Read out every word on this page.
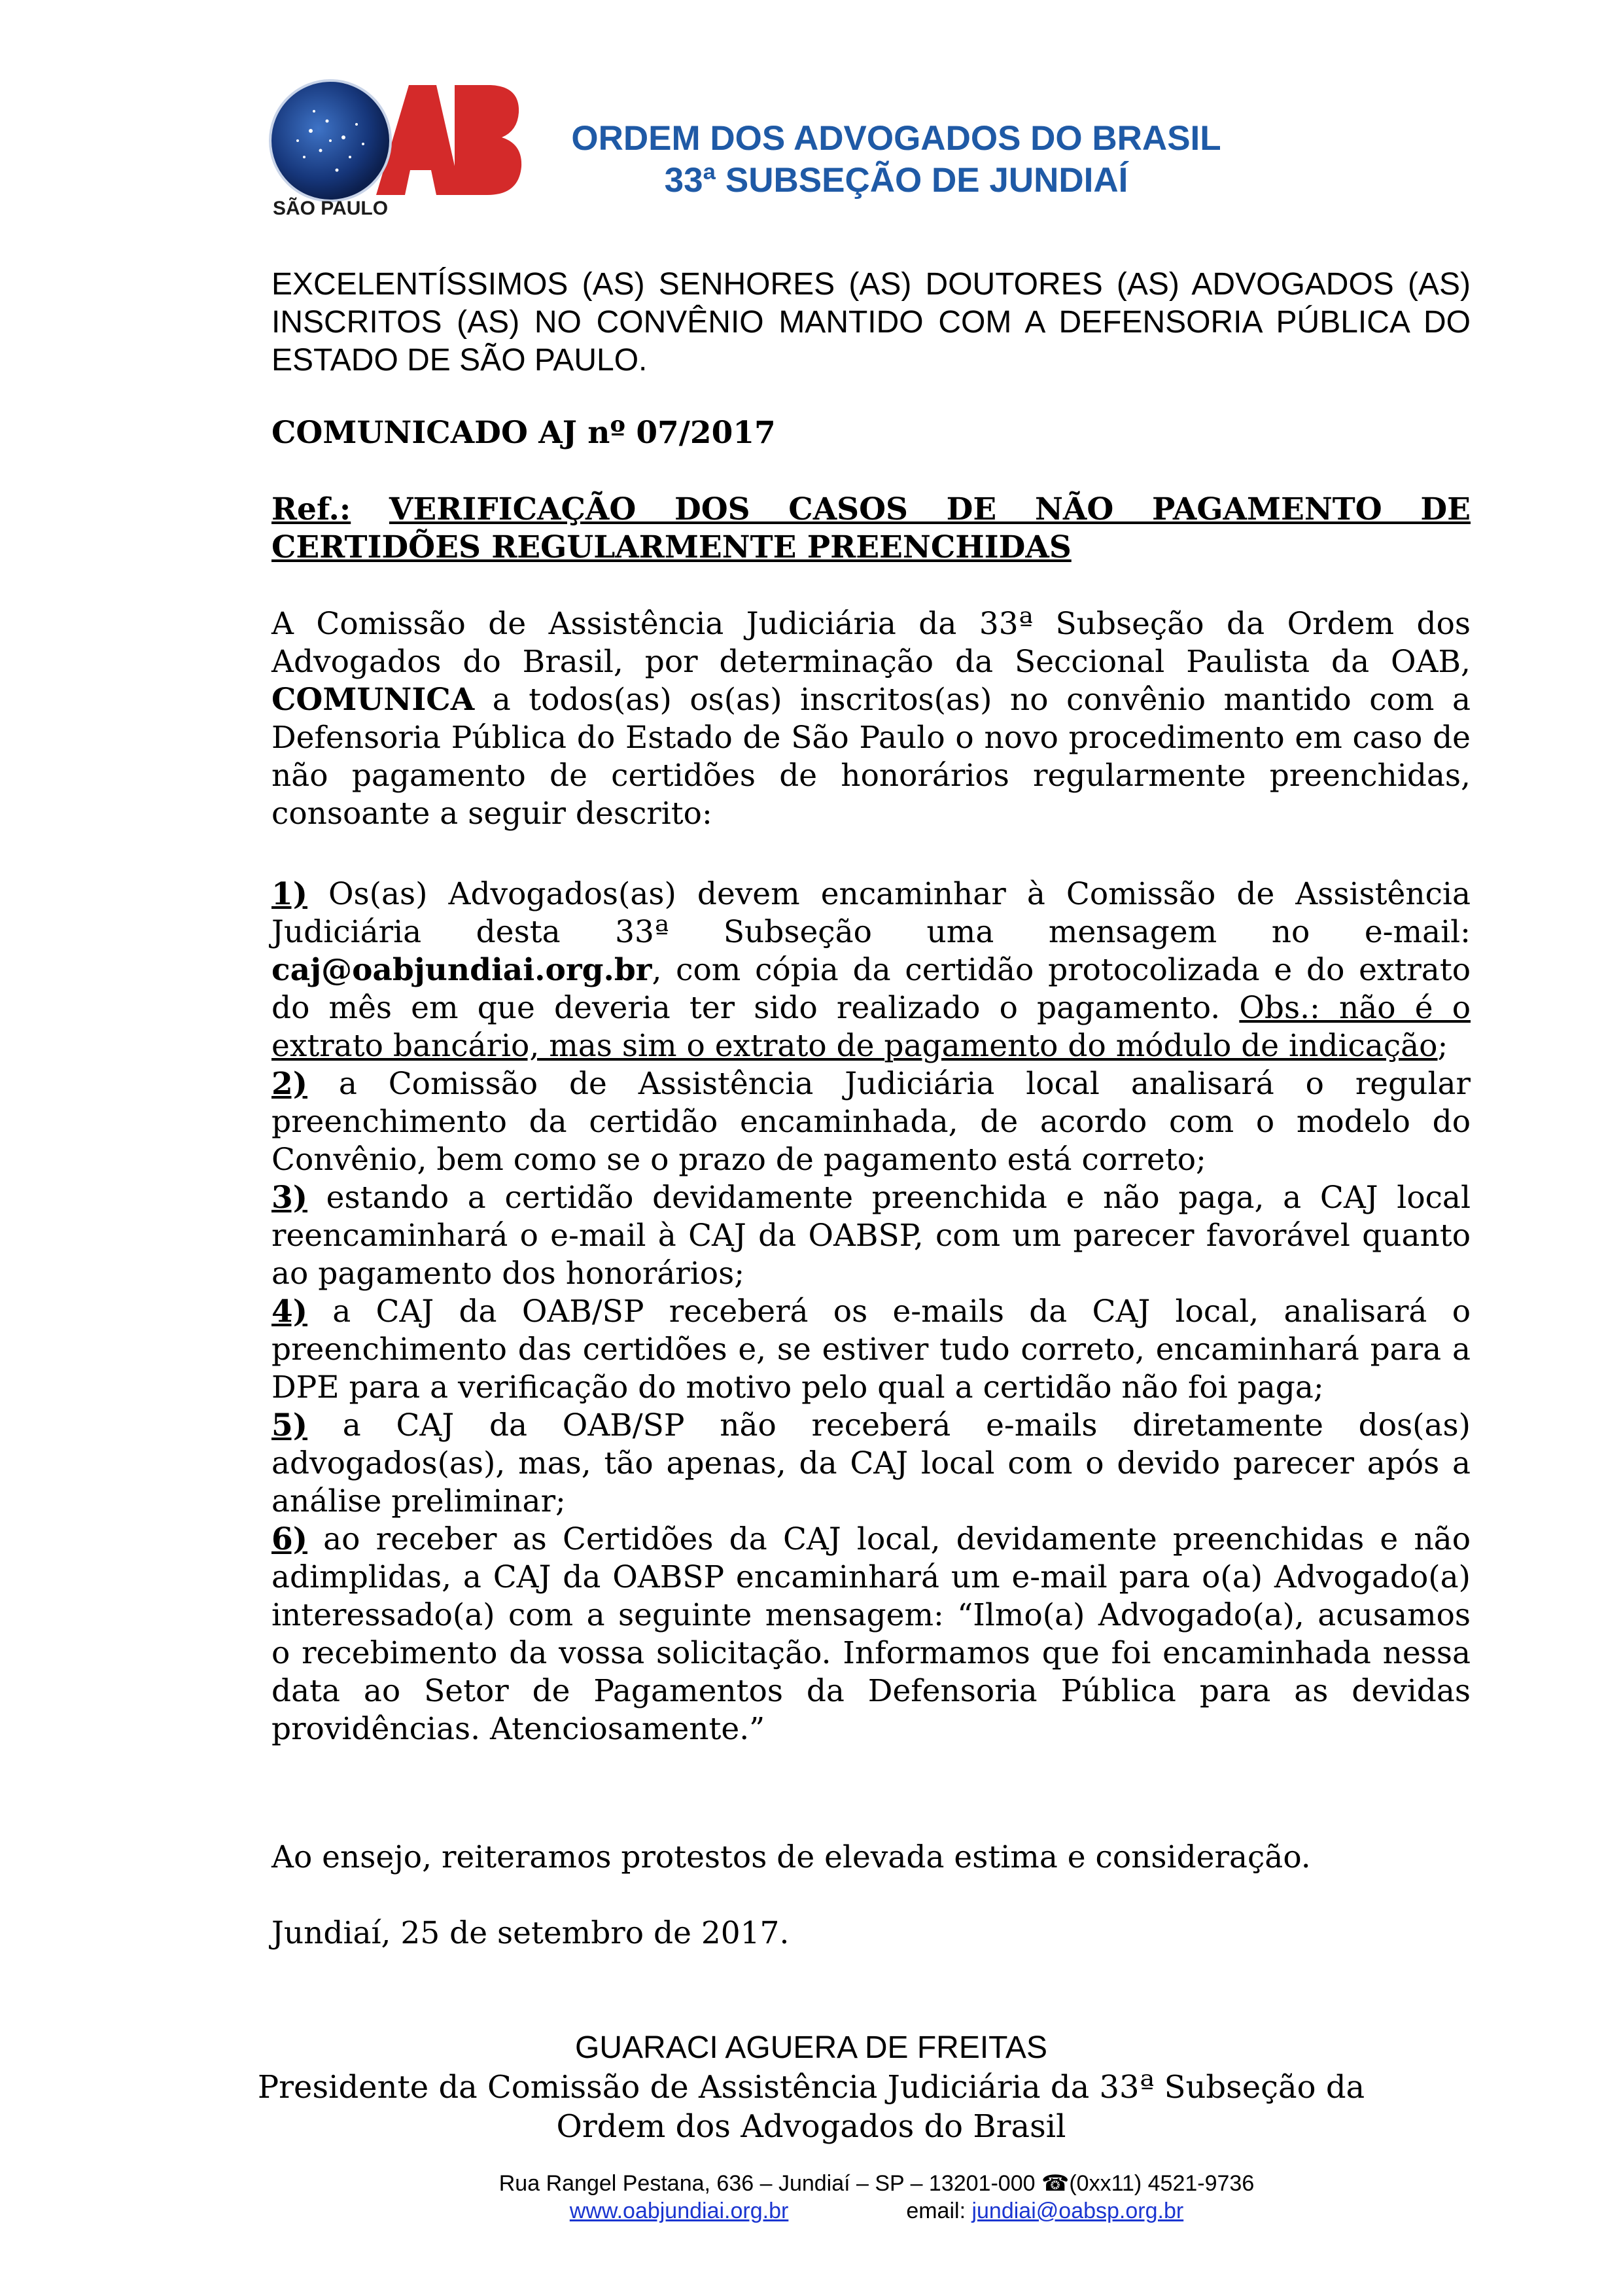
SÃO PAULO
ORDEM DOS ADVOGADOS DO BRASIL
33ª SUBSEÇÃO DE JUNDIAÍ
EXCELENTÍSSIMOS (AS) SENHORES (AS) DOUTORES (AS) ADVOGADOS (AS) INSCRITOS (AS) NO CONVÊNIO MANTIDO COM A DEFENSORIA PÚBLICA DO ESTADO DE SÃO PAULO.
COMUNICADO AJ nº 07/2017
Ref.: VERIFICAÇÃO DOS CASOS DE NÃO PAGAMENTO DE CERTIDÕES REGULARMENTE PREENCHIDAS
A Comissão de Assistência Judiciária da 33ª Subseção da Ordem dos Advogados do Brasil, por determinação da Seccional Paulista da OAB, COMUNICA a todos(as) os(as) inscritos(as) no convênio mantido com a Defensoria Pública do Estado de São Paulo o novo procedimento em caso de não pagamento de certidões de honorários regularmente preenchidas, consoante a seguir descrito:
1) Os(as) Advogados(as) devem encaminhar à Comissão de Assistência Judiciária desta 33ª Subseção uma mensagem no e-mail: caj@oabjundiai.org.br, com cópia da certidão protocolizada e do extrato do mês em que deveria ter sido realizado o pagamento. Obs.: não é o extrato bancário, mas sim o extrato de pagamento do módulo de indicação;
2) a Comissão de Assistência Judiciária local analisará o regular preenchimento da certidão encaminhada, de acordo com o modelo do Convênio, bem como se o prazo de pagamento está correto;
3) estando a certidão devidamente preenchida e não paga, a CAJ local reencaminhará o e-mail à CAJ da OABSP, com um parecer favorável quanto ao pagamento dos honorários;
4) a CAJ da OAB/SP receberá os e-mails da CAJ local, analisará o preenchimento das certidões e, se estiver tudo correto, encaminhará para a DPE para a verificação do motivo pelo qual a certidão não foi paga;
5) a CAJ da OAB/SP não receberá e-mails diretamente dos(as) advogados(as), mas, tão apenas, da CAJ local com o devido parecer após a análise preliminar;
6) ao receber as Certidões da CAJ local, devidamente preenchidas e não adimplidas, a CAJ da OABSP encaminhará um e-mail para o(a) Advogado(a) interessado(a) com a seguinte mensagem: “Ilmo(a) Advogado(a), acusamos o recebimento da vossa solicitação. Informamos que foi encaminhada nessa data ao Setor de Pagamentos da Defensoria Pública para as devidas providências. Atenciosamente.”
Ao ensejo, reiteramos protestos de elevada estima e consideração.
Jundiaí, 25 de setembro de 2017.
GUARACI AGUERA DE FREITAS
Presidente da Comissão de Assistência Judiciária da 33ª Subseção da
Ordem dos Advogados do Brasil
Rua Rangel Pestana, 636 – Jundiaí – SP – 13201-000 ☎(0xx11) 4521-9736
www.oabjundiai.org.br	email: jundiai@oabsp.org.br
